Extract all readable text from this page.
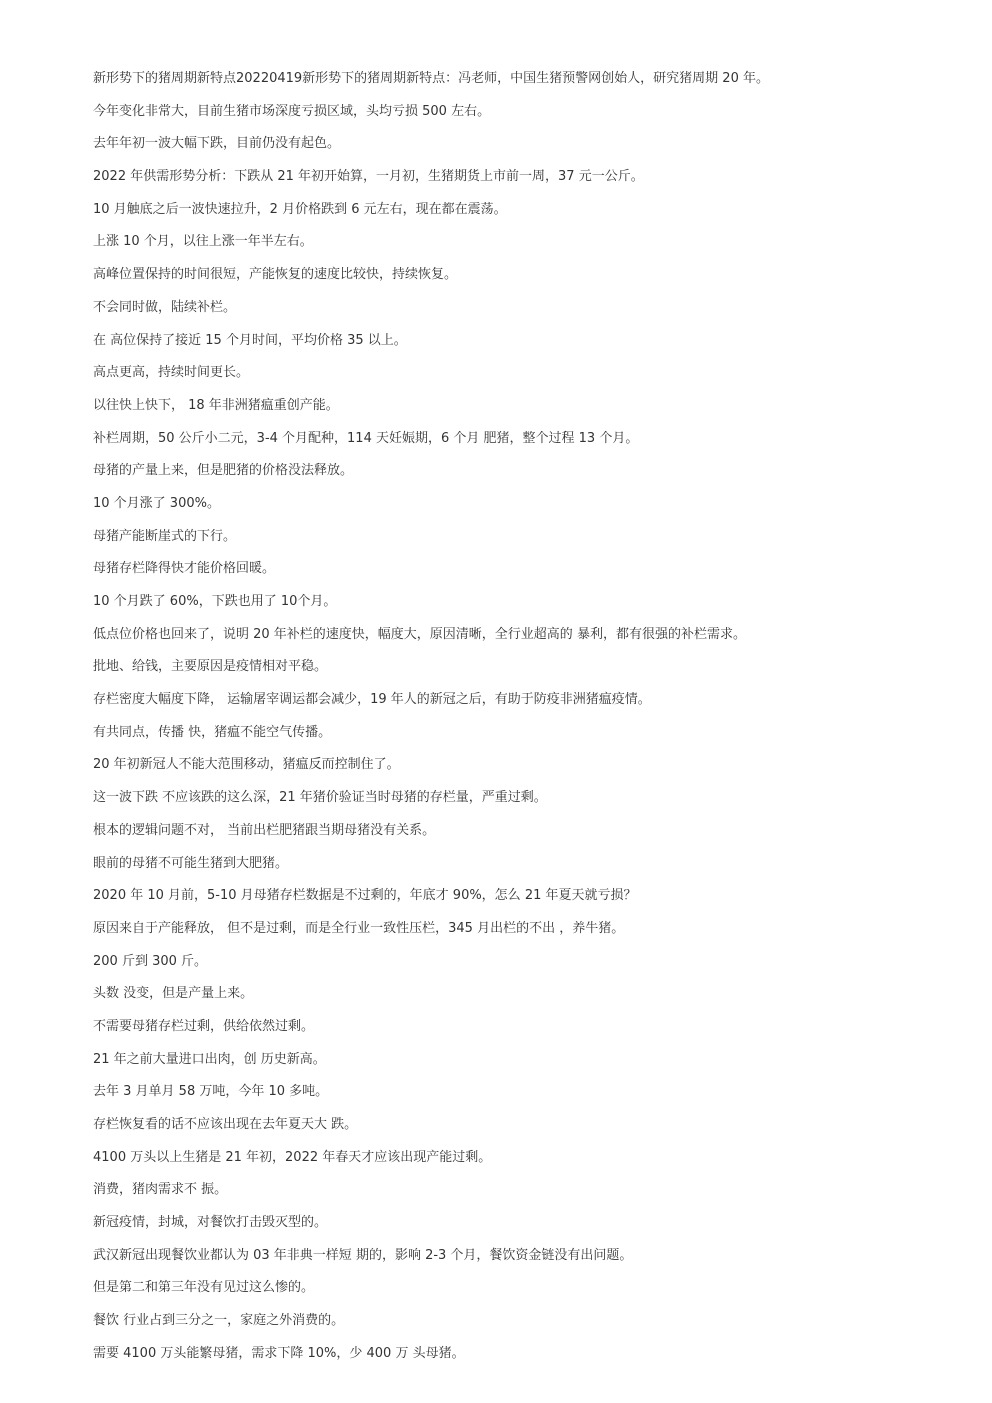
新形势下的猪周期新特点20220419新形势下的猪周期新特点：冯老师，中国生猪预警网创始人，研究猪周期 20 年。

今年变化非常大，目前生猪市场深度亏损区域，头均亏损 500 左右。

去年年初一波大幅下跌，目前仍没有起色。

2022 年供需形势分析：下跌从 21 年初开始算，一月初，生猪期货上市前一周，37 元一公斤。

10 月触底之后一波快速拉升，2 月价格跌到 6 元左右，现在都在震荡。

上涨 10 个月，以往上涨一年半左右。

高峰位置保持的时间很短，产能恢复的速度比较快，持续恢复。

不会同时做，陆续补栏。

在 高位保持了接近 15 个月时间，平均价格 35 以上。

高点更高，持续时间更长。

以往快上快下， 18 年非洲猪瘟重创产能。

补栏周期，50 公斤小二元，3-4 个月配种，114 天妊娠期，6 个月 肥猪，整个过程 13 个月。

母猪的产量上来，但是肥猪的价格没法释放。

10 个月涨了 300%。

母猪产能断崖式的下行。

母猪存栏降得快才能价格回暖。

10 个月跌了 60%，下跌也用了 10个月。

低点位价格也回来了，说明 20 年补栏的速度快，幅度大，原因清晰，全行业超高的 暴利，都有很强的补栏需求。

批地、给钱，主要原因是疫情相对平稳。

存栏密度大幅度下降， 运输屠宰调运都会减少，19 年人的新冠之后，有助于防疫非洲猪瘟疫情。

有共同点，传播 快，猪瘟不能空气传播。

20 年初新冠人不能大范围移动，猪瘟反而控制住了。

这一波下跌 不应该跌的这么深，21 年猪价验证当时母猪的存栏量，严重过剩。

根本的逻辑问题不对， 当前出栏肥猪跟当期母猪没有关系。

眼前的母猪不可能生猪到大肥猪。

2020 年 10 月前，5-10 月母猪存栏数据是不过剩的，年底才 90%，怎么 21 年夏天就亏损？

原因来自于产能释放， 但不是过剩，而是全行业一致性压栏，345 月出栏的不出 ，养牛猪。

200 斤到 300 斤。

头数 没变，但是产量上来。

不需要母猪存栏过剩，供给依然过剩。

21 年之前大量进口出肉，创 历史新高。

去年 3 月单月 58 万吨，今年 10 多吨。

存栏恢复看的话不应该出现在去年夏天大 跌。

4100 万头以上生猪是 21 年初，2022 年春天才应该出现产能过剩。

消费，猪肉需求不 振。

新冠疫情，封城，对餐饮打击毁灭型的。

武汉新冠出现餐饮业都认为 03 年非典一样短 期的，影响 2-3 个月，餐饮资金链没有出问题。

但是第二和第三年没有见过这么惨的。

餐饮 行业占到三分之一，家庭之外消费的。

需要 4100 万头能繁母猪，需求下降 10%，少 400 万 头母猪。
